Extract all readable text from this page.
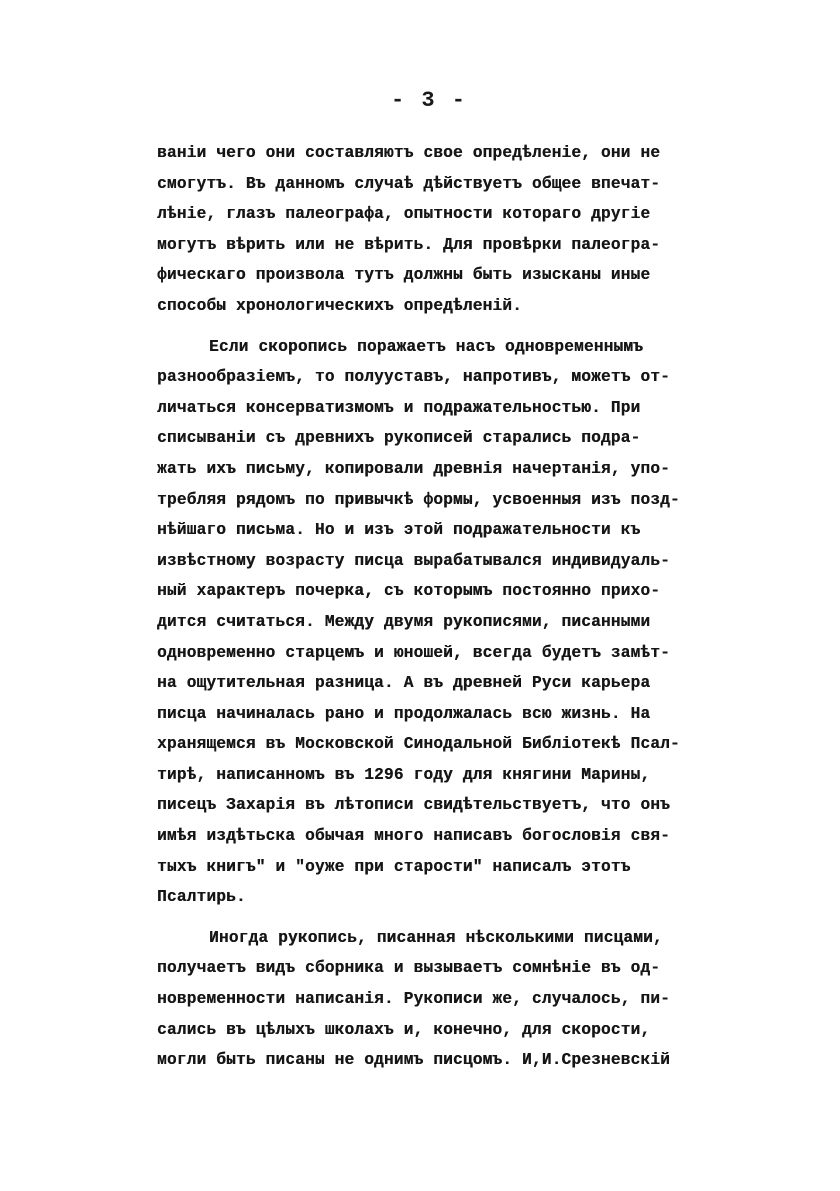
- 3 -
ванiи чего они составляютъ свое опредѣленiе, они не
смогутъ. Въ данномъ случаѣ дѣйствуетъ общее впечат-
лѣнiе, глазъ палеографа, опытности котораго другiе
могутъ вѣрить или не вѣрить. Для провѣрки палеогра-
фическаго произвола тутъ должны быть изысканы иные
способы хронологическихъ опредѣленiй.
Если скоропись поражаетъ насъ одновременнымъ
разнообразiемъ, то полууставъ, напротивъ, можетъ от-
личаться консерватизмомъ и подражательностью. При
списыванiи съ древнихъ рукописей старались подра-
жать ихъ письму, копировали древнiя начертанiя, упо-
требляя рядомъ по привычкѣ формы, усвоенныя изъ позд-
нѣйшаго письма. Но и изъ этой подражательности къ
извѣстному возрасту писца вырабатывался индивидуаль-
ный характеръ почерка, съ которымъ постоянно прихо-
дится считаться. Между двумя рукописями, писанными
одновременно старцемъ и юношей, всегда будетъ замѣт-
на ощутительная разница. А въ древней Руси карьера
писца начиналась рано и продолжалась всю жизнь. На
хранящемся въ Московской Синодальной Библiотекѣ Псал-
тирѣ, написанномъ въ 1296 году для княгини Марины,
писецъ Захарiя въ лѣтописи свидѣтельствуетъ, что онъ
имѣя издѣтьска обычая много написавъ богословiя свя-
тыхъ книгъ" и "оуже при старости" написалъ этотъ
Псалтирь.
Иногда рукопись, писанная нѣсколькими писцами,
получаетъ видъ сборника и вызываетъ сомнѣнiе въ од-
новременности написанiя. Рукописи же, случалось, пи-
сались въ цѣлыхъ школахъ и, конечно, для скорости,
могли быть писаны не однимъ писцомъ. И,И.Срезневскiй
